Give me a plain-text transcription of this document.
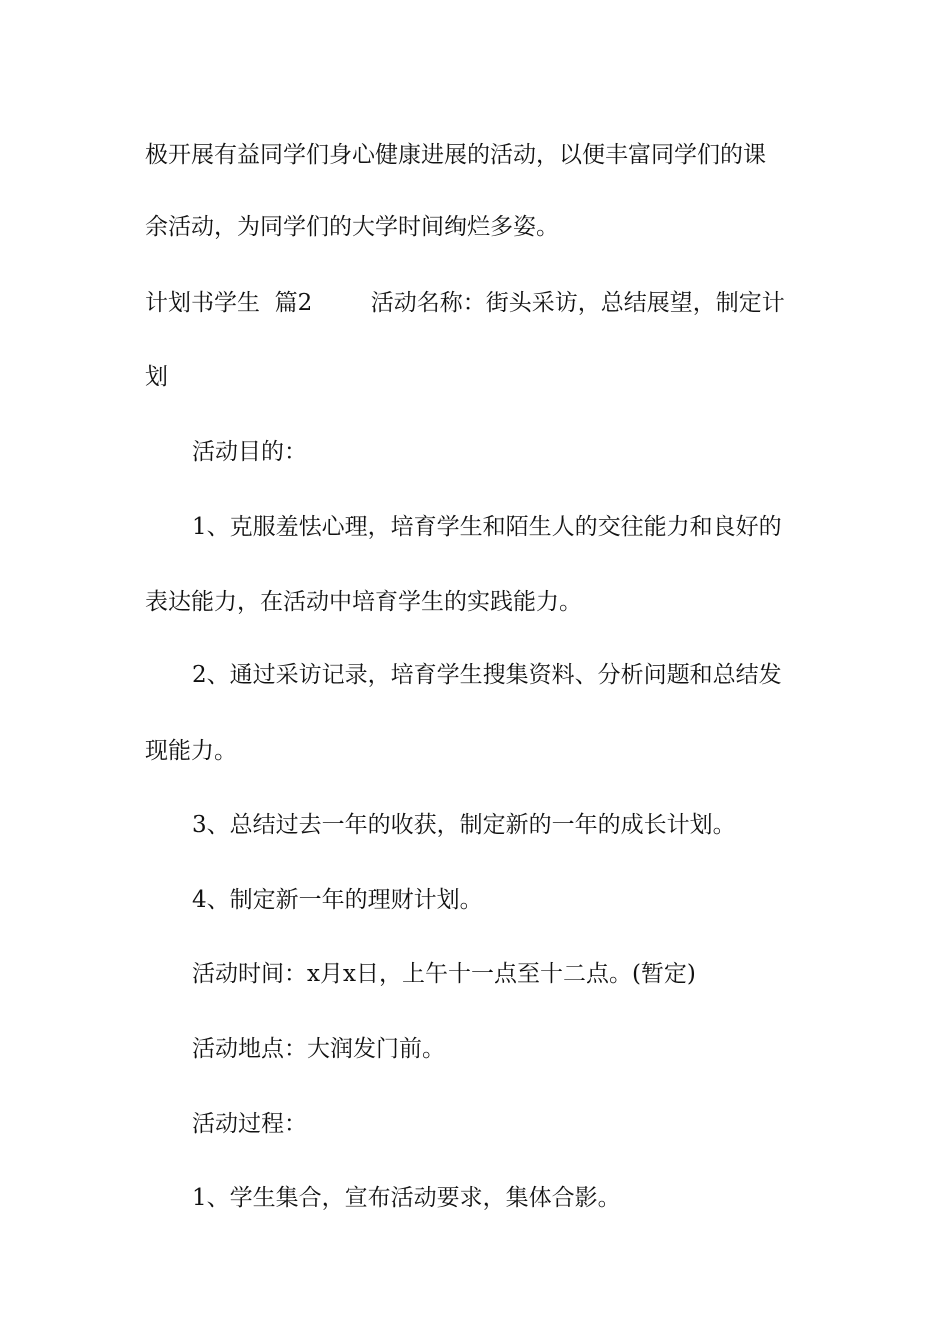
极开展有益同学们身心健康进展的活动，以便丰富同学们的课
余活动，为同学们的大学时间绚烂多姿。
计划书学生  篇2        活动名称：街头采访，总结展望，制定计
划
活动目的：
1、克服羞怯心理，培育学生和陌生人的交往能力和良好的
表达能力，在活动中培育学生的实践能力。
2、通过采访记录，培育学生搜集资料、分析问题和总结发
现能力。
3、总结过去一年的收获，制定新的一年的成长计划。
4、制定新一年的理财计划。
活动时间：x月x日，上午十一点至十二点。(暂定)
活动地点：大润发门前。
活动过程：
1、学生集合，宣布活动要求，集体合影。
